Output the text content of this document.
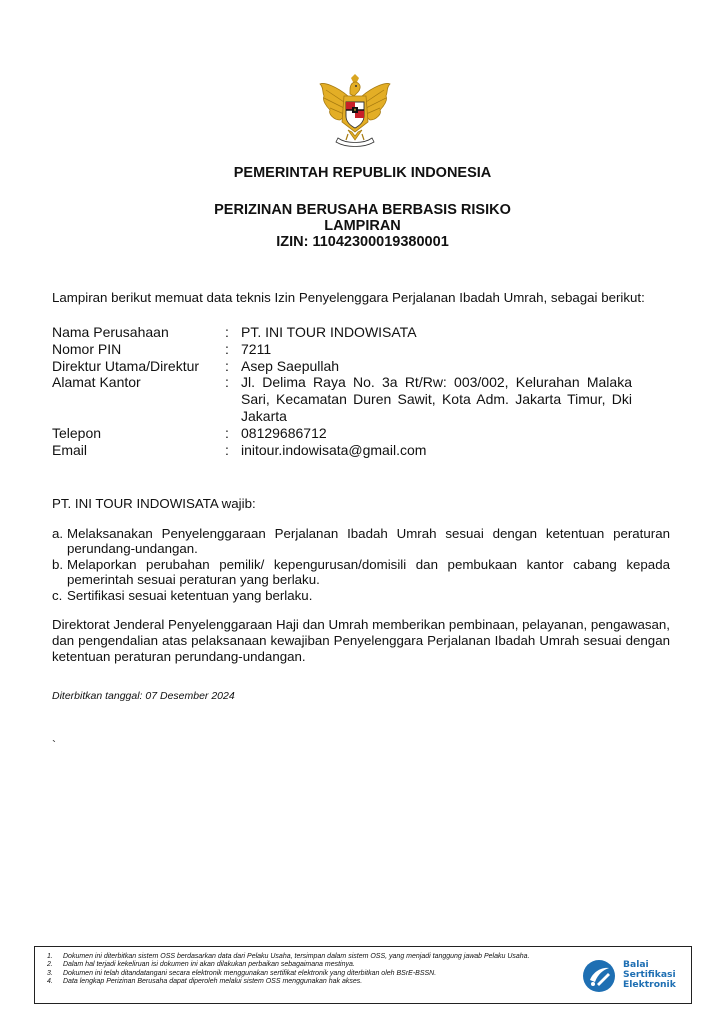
PEMERINTAH REPUBLIK INDONESIA
PERIZINAN BERUSAHA BERBASIS RISIKO
LAMPIRAN
IZIN: 11042300019380001
Lampiran berikut memuat data teknis Izin Penyelenggara Perjalanan Ibadah Umrah, sebagai berikut:
Nama Perusahaan	: PT. INI TOUR INDOWISATA
Nomor PIN	: 7211
Direktur Utama/Direktur	: Asep Saepullah
Alamat Kantor	: Jl. Delima Raya No. 3a Rt/Rw: 003/002, Kelurahan Malaka Sari, Kecamatan Duren Sawit, Kota Adm. Jakarta Timur, Dki Jakarta
Telepon	: 08129686712
Email	: initour.indowisata@gmail.com
PT. INI TOUR INDOWISATA wajib:
a. Melaksanakan Penyelenggaraan Perjalanan Ibadah Umrah sesuai dengan ketentuan peraturan perundang-undangan.
b. Melaporkan perubahan pemilik/ kepengurusan/domisili dan pembukaan kantor cabang kepada pemerintah sesuai peraturan yang berlaku.
c. Sertifikasi sesuai ketentuan yang berlaku.
Direktorat Jenderal Penyelenggaraan Haji dan Umrah memberikan pembinaan, pelayanan, pengawasan, dan pengendalian atas pelaksanaan kewajiban Penyelenggara Perjalanan Ibadah Umrah sesuai dengan ketentuan peraturan perundang-undangan.
Diterbitkan tanggal: 07 Desember 2024
`
1.	Dokumen ini diterbitkan sistem OSS berdasarkan data dari Pelaku Usaha, tersimpan dalam sistem OSS, yang menjadi tanggung jawab Pelaku Usaha.
2.	Dalam hal terjadi kekeliruan isi dokumen ini akan dilakukan perbaikan sebagaimana mestinya.
3.	Dokumen ini telah ditandatangani secara elektronik menggunakan sertifikat elektronik yang diterbitkan oleh BSrE-BSSN.
4.	Data lengkap Perizinan Berusaha dapat diperoleh melalui sistem OSS menggunakan hak akses.
Balai
Sertifikasi
Elektronik
